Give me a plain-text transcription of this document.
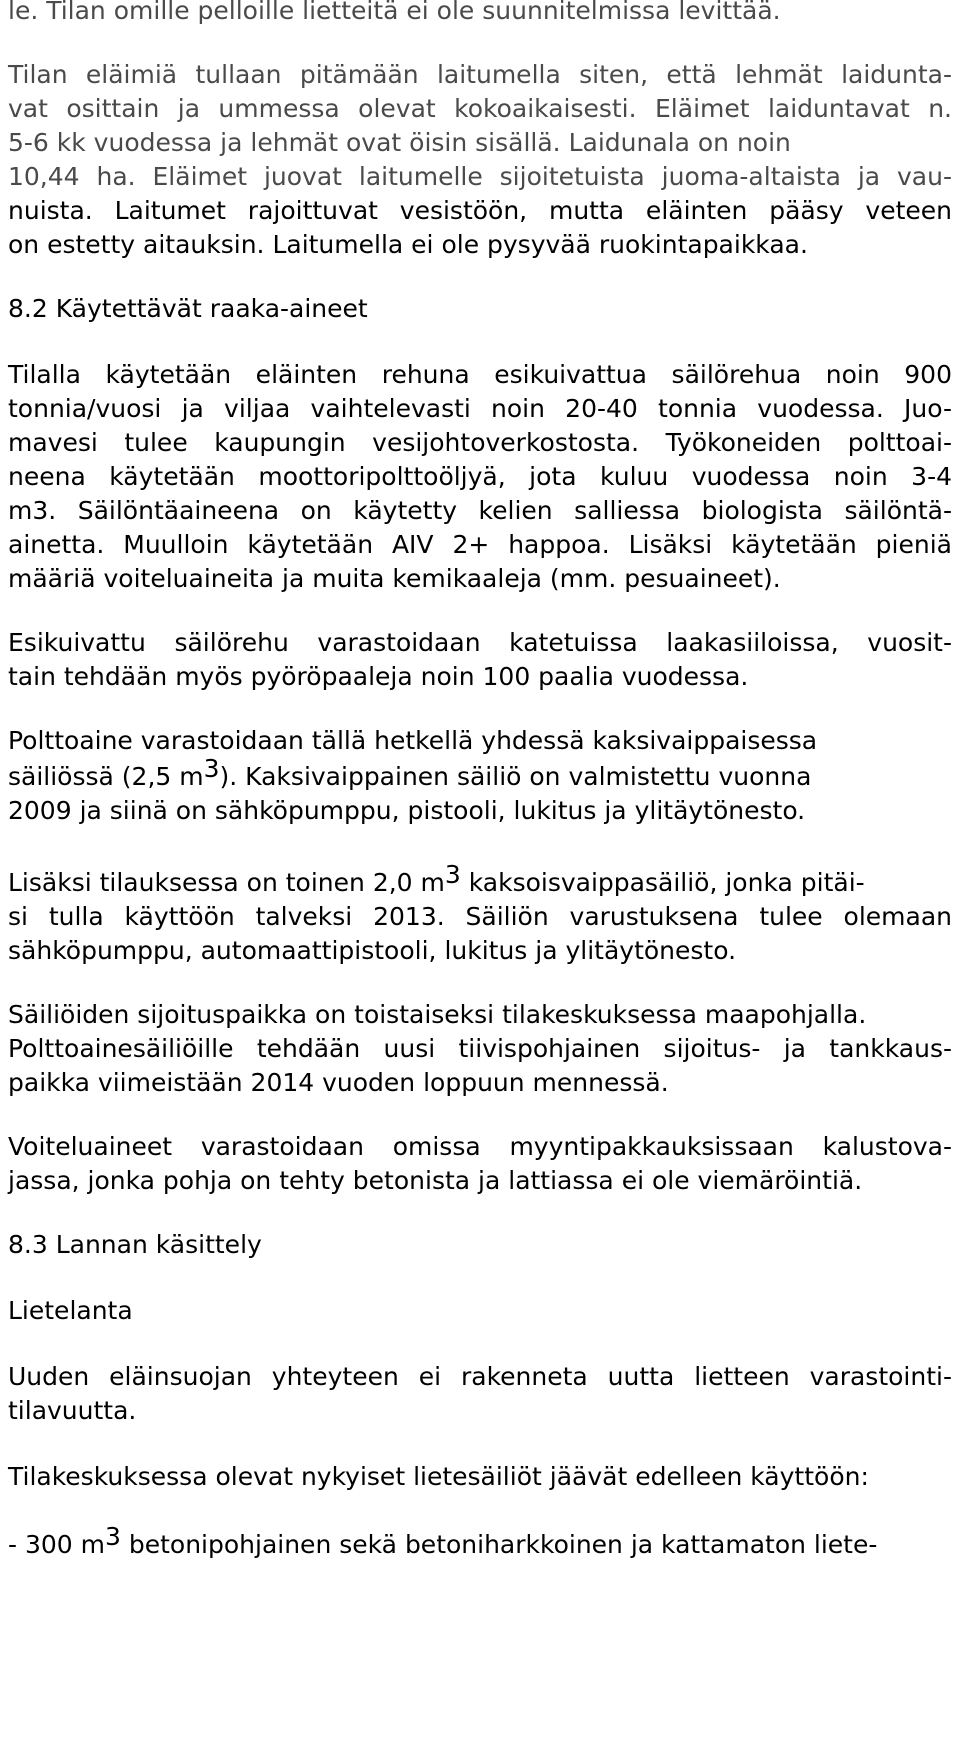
le. Tilan omille pelloille lietteitä ei ole suunnitelmissa levittää.
Tilan eläimiä tullaan pitämään laitumella siten, että lehmät laidunta-
vat osittain ja ummessa olevat kokoaikaisesti. Eläimet laiduntavat n.
5-6 kk vuodessa ja lehmät ovat öisin sisällä. Laidunala on noin
10,44 ha. Eläimet juovat laitumelle sijoitetuista juoma-altaista ja vau-
nuista. Laitumet rajoittuvat vesistöön, mutta eläinten pääsy veteen
on estetty aitauksin. Laitumella ei ole pysyvää ruokintapaikkaa.
8.2 Käytettävät raaka-aineet
Tilalla käytetään eläinten rehuna esikuivattua säilörehua noin 900
tonnia/vuosi ja viljaa vaihtelevasti noin 20-40 tonnia vuodessa. Juo-
mavesi tulee kaupungin vesijohtoverkostosta. Työkoneiden polttoai-
neena käytetään moottoripolttoöljyä, jota kuluu vuodessa noin 3-4
m3. Säilöntäaineena on käytetty kelien salliessa biologista säilöntä-
ainetta. Muulloin käytetään AIV 2+ happoa. Lisäksi käytetään pieniä
määriä voiteluaineita ja muita kemikaaleja (mm. pesuaineet).
Esikuivattu säilörehu varastoidaan katetuissa laakasiiloissa, vuosit-
tain tehdään myös pyöröpaaleja noin 100 paalia vuodessa.
Polttoaine varastoidaan tällä hetkellä yhdessä kaksivaippaisessa
säiliössä (2,5 $m^3$). Kaksivaippainen säiliö on valmistettu vuonna
2009 ja siinä on sähköpumppu, pistooli, lukitus ja ylitäytönesto.
Lisäksi tilauksessa on toinen 2,0 $m^3$ kaksoisvaippasäiliö, jonka pitäi-
si tulla käyttöön talveksi 2013. Säiliön varustuksena tulee olemaan
sähköpumppu, automaattipistooli, lukitus ja ylitäytönesto.
Säiliöiden sijoituspaikka on toistaiseksi tilakeskuksessa maapohjalla.
Polttoainesäiliöille tehdään uusi tiivispohjainen sijoitus- ja tankkaus-
paikka viimeistään 2014 vuoden loppuun mennessä.
Voiteluaineet varastoidaan omissa myyntipakkauksissaan kalustova-
jassa, jonka pohja on tehty betonista ja lattiassa ei ole viemäröintiä.
8.3 Lannan käsittely
Lietelanta
Uuden eläinsuojan yhteyteen ei rakenneta uutta lietteen varastointi-
tilavuutta.
Tilakeskuksessa olevat nykyiset lietesäiliöt jäävät edelleen käyttöön:
- 300 $m^3$ betonipohjainen sekä betoniharkkoinen ja kattamaton liete-
